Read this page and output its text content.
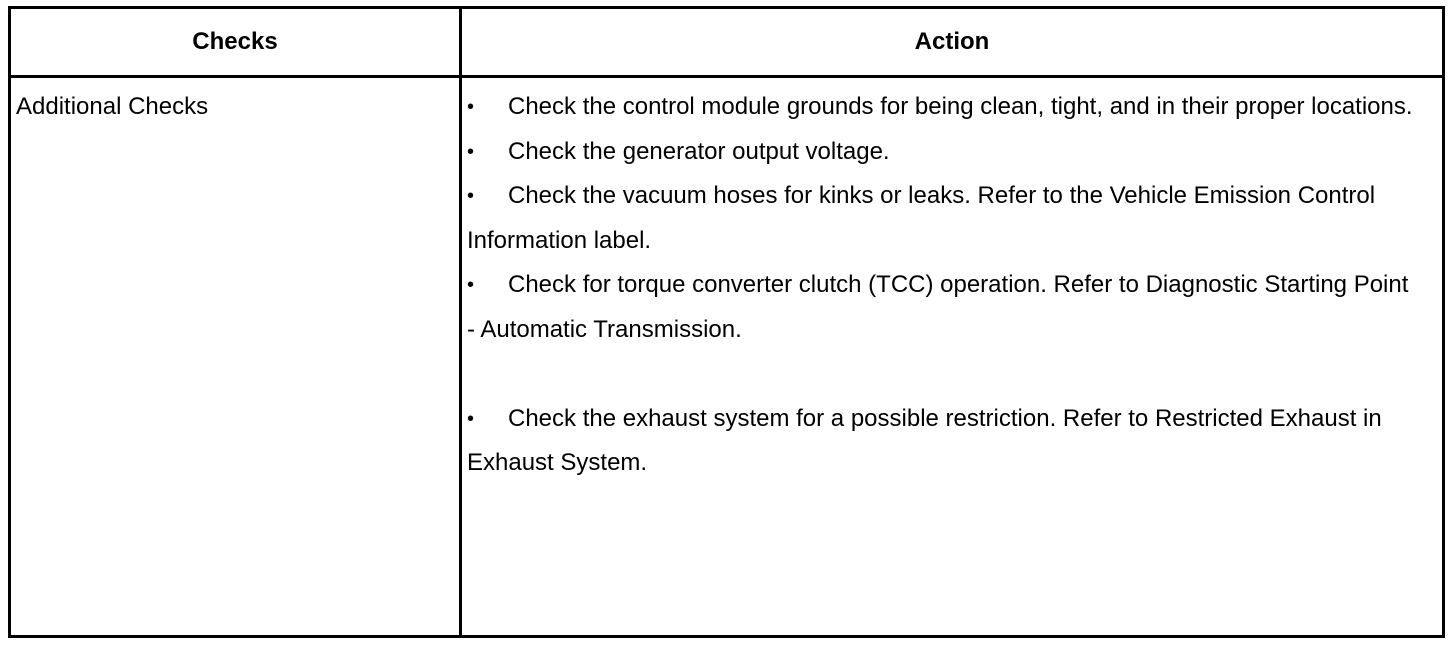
Checks	Action
Additional Checks	• Check the control module grounds for being clean, tight, and in their proper locations.

• Check the generator output voltage.

• Check the vacuum hoses for kinks or leaks. Refer to the Vehicle Emission Control Information label.

• Check for torque converter clutch (TCC) operation. Refer to Diagnostic Starting Point - Automatic Transmission.

• Check the exhaust system for a possible restriction. Refer to Restricted Exhaust in Exhaust System.
